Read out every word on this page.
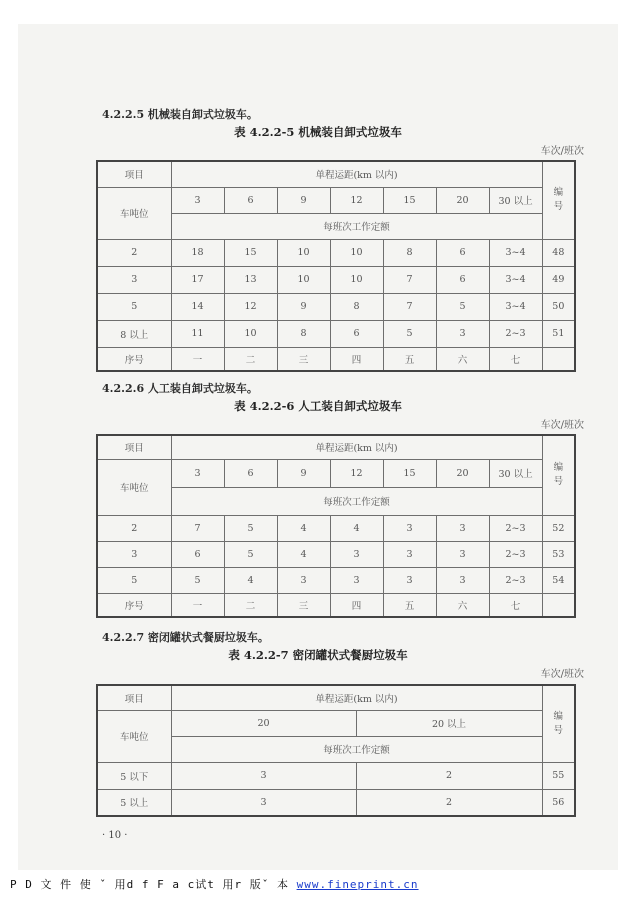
4.2.2.5 机械装自卸式垃圾车。
表 4.2.2-5 机械装自卸式垃圾车
车次/班次
项目	单程运距(km 以内)							编号
车吨位	3	6	9	12	15	20	30 以上	
	每班次工作定额							
2	18	15	10	10	8	6	3~4	48
3	17	13	10	10	7	6	3~4	49
5	14	12	9	8	7	5	3~4	50
8 以上	11	10	8	6	5	3	2~3	51
序号	一	二	三	四	五	六	七	
4.2.2.6 人工装自卸式垃圾车。
表 4.2.2-6 人工装自卸式垃圾车
车次/班次
项目	单程运距(km 以内)							编号
车吨位	3	6	9	12	15	20	30 以上	
	每班次工作定额							
2	7	5	4	4	3	3	2~3	52
3	6	5	4	3	3	3	2~3	53
5	5	4	3	3	3	3	2~3	54
序号	一	二	三	四	五	六	七	
4.2.2.7 密闭罐状式餐厨垃圾车。
表 4.2.2-7 密闭罐状式餐厨垃圾车
车次/班次
项目	单程运距(km 以内)		编号
车吨位	20	20 以上	
	每班次工作定额		
5 以下	3	2	55
5 以上	3	2	56
· 10 ·
P D 文 件 使 ˇ 用d f F a c试t 用r 版ˇ 本 www.fineprint.cn
